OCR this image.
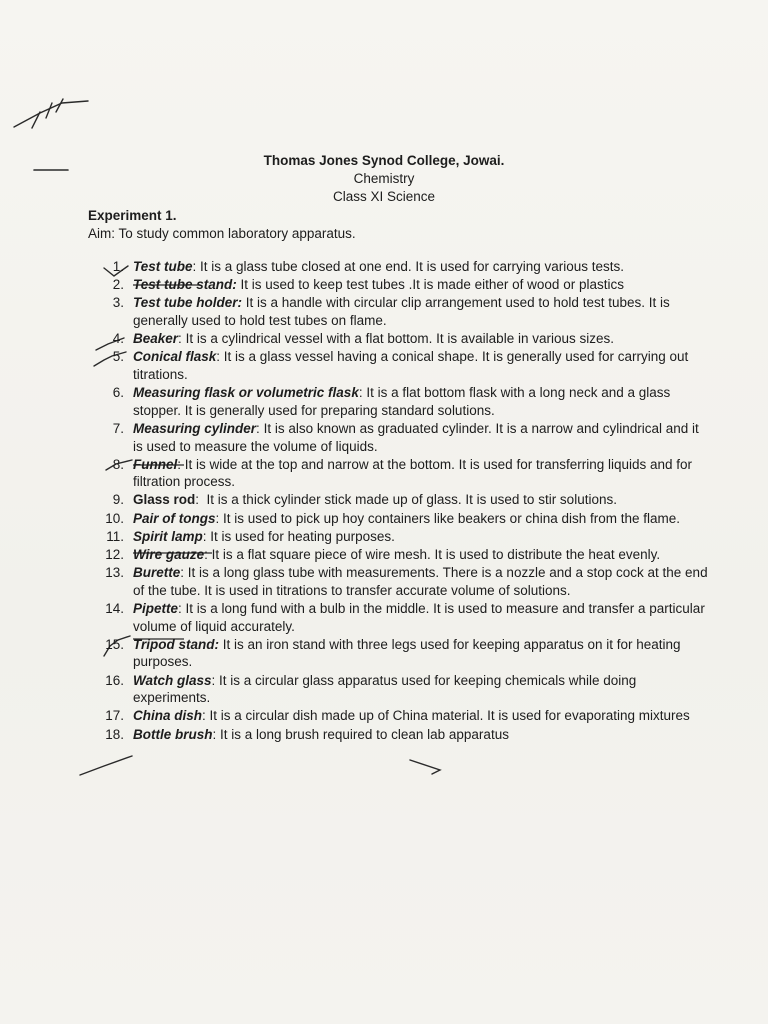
Thomas Jones Synod College, Jowai.
Chemistry
Class XI Science
Experiment 1.
Aim: To study common laboratory apparatus.
1. Test tube: It is a glass tube closed at one end. It is used for carrying various tests.
2. Test tube stand: It is used to keep test tubes .It is made either of wood or plastics
3. Test tube holder: It is a handle with circular clip arrangement used to hold test tubes. It is generally used to hold test tubes on flame.
4. Beaker: It is a cylindrical vessel with a flat bottom. It is available in various sizes.
5. Conical flask: It is a glass vessel having a conical shape. It is generally used for carrying out titrations.
6. Measuring flask or volumetric flask: It is a flat bottom flask with a long neck and a glass stopper. It is generally used for preparing standard solutions.
7. Measuring cylinder: It is also known as graduated cylinder. It is a narrow and cylindrical and it is used to measure the volume of liquids.
8. Funnel: It is wide at the top and narrow at the bottom. It is used for transferring liquids and for filtration process.
9. Glass rod:  It is a thick cylinder stick made up of glass. It is used to stir solutions.
10. Pair of tongs: It is used to pick up hoy containers like beakers or china dish from the flame.
11. Spirit lamp: It is used for heating purposes.
12. Wire gauze: It is a flat square piece of wire mesh. It is used to distribute the heat evenly.
13. Burette: It is a long glass tube with measurements. There is a nozzle and a stop cock at the end of the tube. It is used in titrations to transfer accurate volume of solutions.
14. Pipette: It is a long fund with a bulb in the middle. It is used to measure and transfer a particular volume of liquid accurately.
15. Tripod stand: It is an iron stand with three legs used for keeping apparatus on it for heating purposes.
16. Watch glass: It is a circular glass apparatus used for keeping chemicals while doing experiments.
17. China dish: It is a circular dish made up of China material. It is used for evaporating mixtures
18. Bottle brush: It is a long brush required to clean lab apparatus
